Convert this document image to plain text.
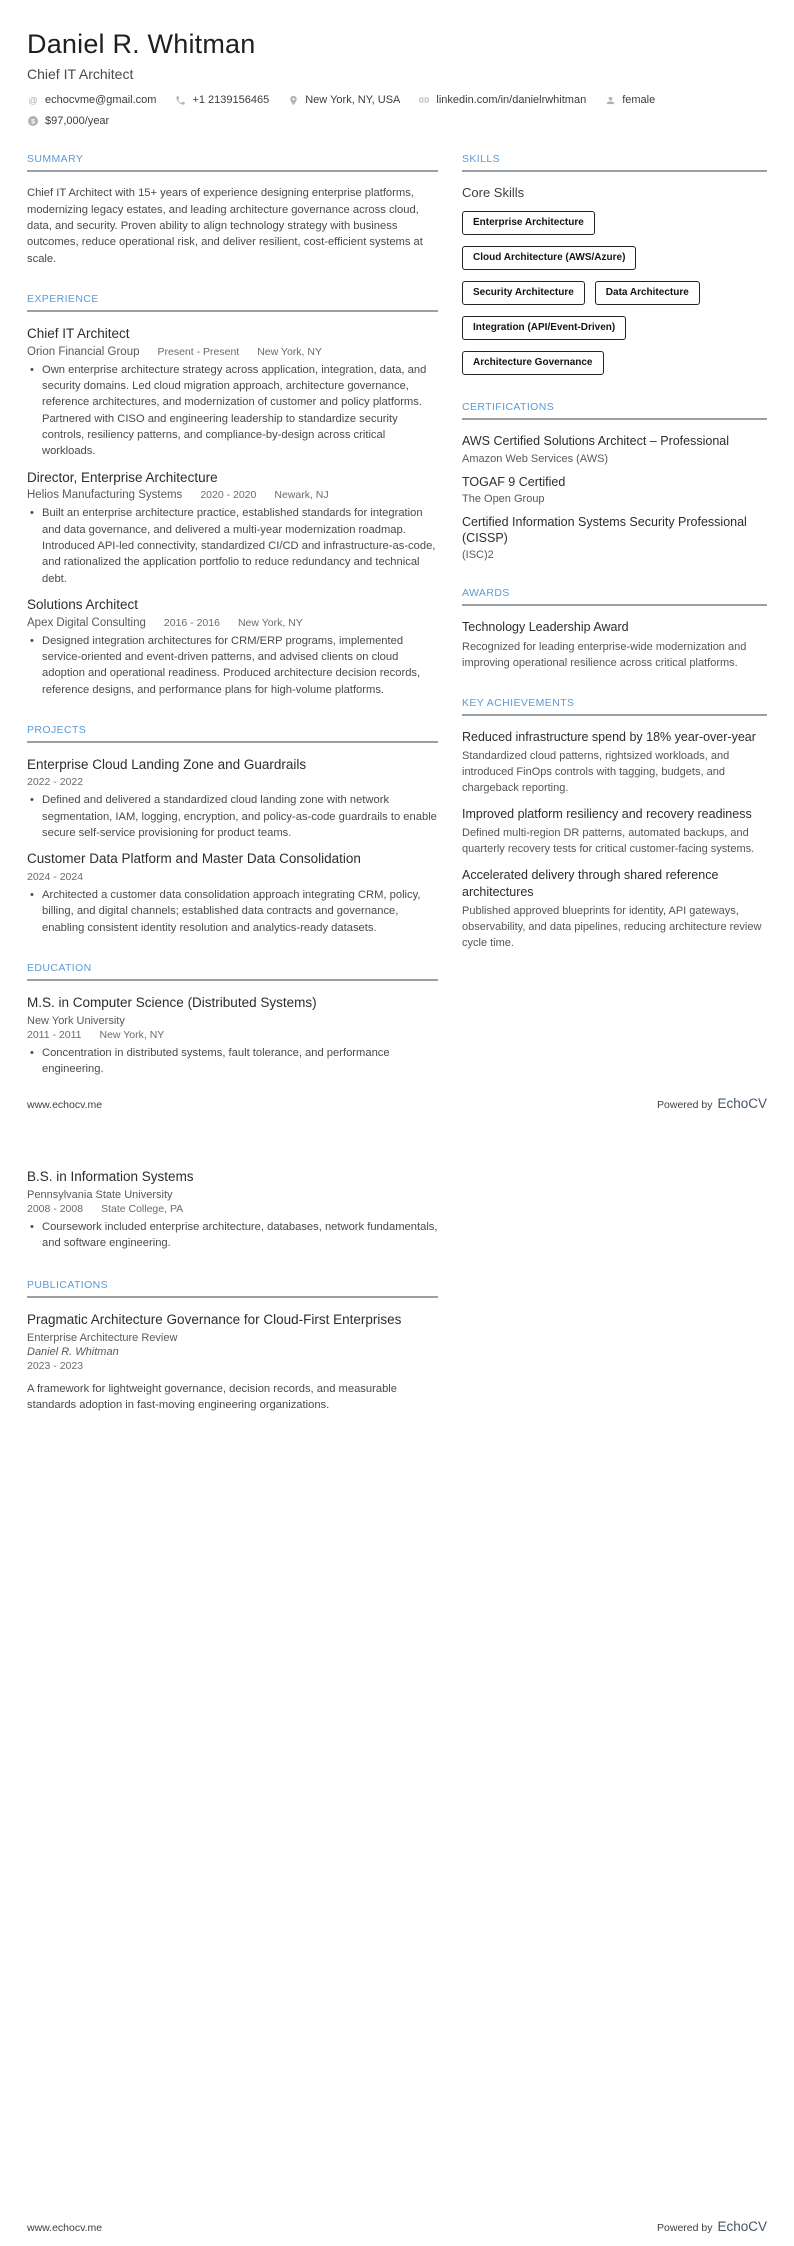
Daniel R. Whitman
Chief IT Architect
@ echocvme@gmail.com	+1 2139156465	New York, NY, USA	linkedin.com/in/danielrwhitman	female
$ $97,000/year
SUMMARY
Chief IT Architect with 15+ years of experience designing enterprise platforms, modernizing legacy estates, and leading architecture governance across cloud, data, and security. Proven ability to align technology strategy with business outcomes, reduce operational risk, and deliver resilient, cost-efficient systems at scale.
EXPERIENCE
Chief IT Architect
Orion Financial Group Present - Present New York, NY
• Own enterprise architecture strategy across application, integration, data, and security domains. Led cloud migration approach, architecture governance, reference architectures, and modernization of customer and policy platforms. Partnered with CISO and engineering leadership to standardize security controls, resiliency patterns, and compliance-by-design across critical workloads.
Director, Enterprise Architecture
Helios Manufacturing Systems 2020 - 2020 Newark, NJ
• Built an enterprise architecture practice, established standards for integration and data governance, and delivered a multi-year modernization roadmap. Introduced API-led connectivity, standardized CI/CD and infrastructure-as-code, and rationalized the application portfolio to reduce redundancy and technical debt.
Solutions Architect
Apex Digital Consulting 2016 - 2016 New York, NY
• Designed integration architectures for CRM/ERP programs, implemented service-oriented and event-driven patterns, and advised clients on cloud adoption and operational readiness. Produced architecture decision records, reference designs, and performance plans for high-volume platforms.
PROJECTS
Enterprise Cloud Landing Zone and Guardrails
2022 - 2022
• Defined and delivered a standardized cloud landing zone with network segmentation, IAM, logging, encryption, and policy-as-code guardrails to enable secure self-service provisioning for product teams.
Customer Data Platform and Master Data Consolidation
2024 - 2024
• Architected a customer data consolidation approach integrating CRM, policy, billing, and digital channels; established data contracts and governance, enabling consistent identity resolution and analytics-ready datasets.
EDUCATION
M.S. in Computer Science (Distributed Systems)
New York University
2011 - 2011 New York, NY
• Concentration in distributed systems, fault tolerance, and performance engineering.
SKILLS
Core Skills
Enterprise Architecture
Cloud Architecture (AWS/Azure)
Security Architecture	Data Architecture
Integration (API/Event-Driven)
Architecture Governance
CERTIFICATIONS
AWS Certified Solutions Architect – Professional
Amazon Web Services (AWS)
TOGAF 9 Certified
The Open Group
Certified Information Systems Security Professional (CISSP)
(ISC)2
AWARDS
Technology Leadership Award
Recognized for leading enterprise-wide modernization and improving operational resilience across critical platforms.
KEY ACHIEVEMENTS
Reduced infrastructure spend by 18% year-over-year
Standardized cloud patterns, rightsized workloads, and introduced FinOps controls with tagging, budgets, and chargeback reporting.
Improved platform resiliency and recovery readiness
Defined multi-region DR patterns, automated backups, and quarterly recovery tests for critical customer-facing systems.
Accelerated delivery through shared reference architectures
Published approved blueprints for identity, API gateways, observability, and data pipelines, reducing architecture review cycle time.
www.echocv.me	Powered by EchoCV
B.S. in Information Systems
Pennsylvania State University
2008 - 2008 State College, PA
• Coursework included enterprise architecture, databases, network fundamentals, and software engineering.
PUBLICATIONS
Pragmatic Architecture Governance for Cloud-First Enterprises
Enterprise Architecture Review
Daniel R. Whitman
2023 - 2023
A framework for lightweight governance, decision records, and measurable standards adoption in fast-moving engineering organizations.
www.echocv.me	Powered by EchoCV
